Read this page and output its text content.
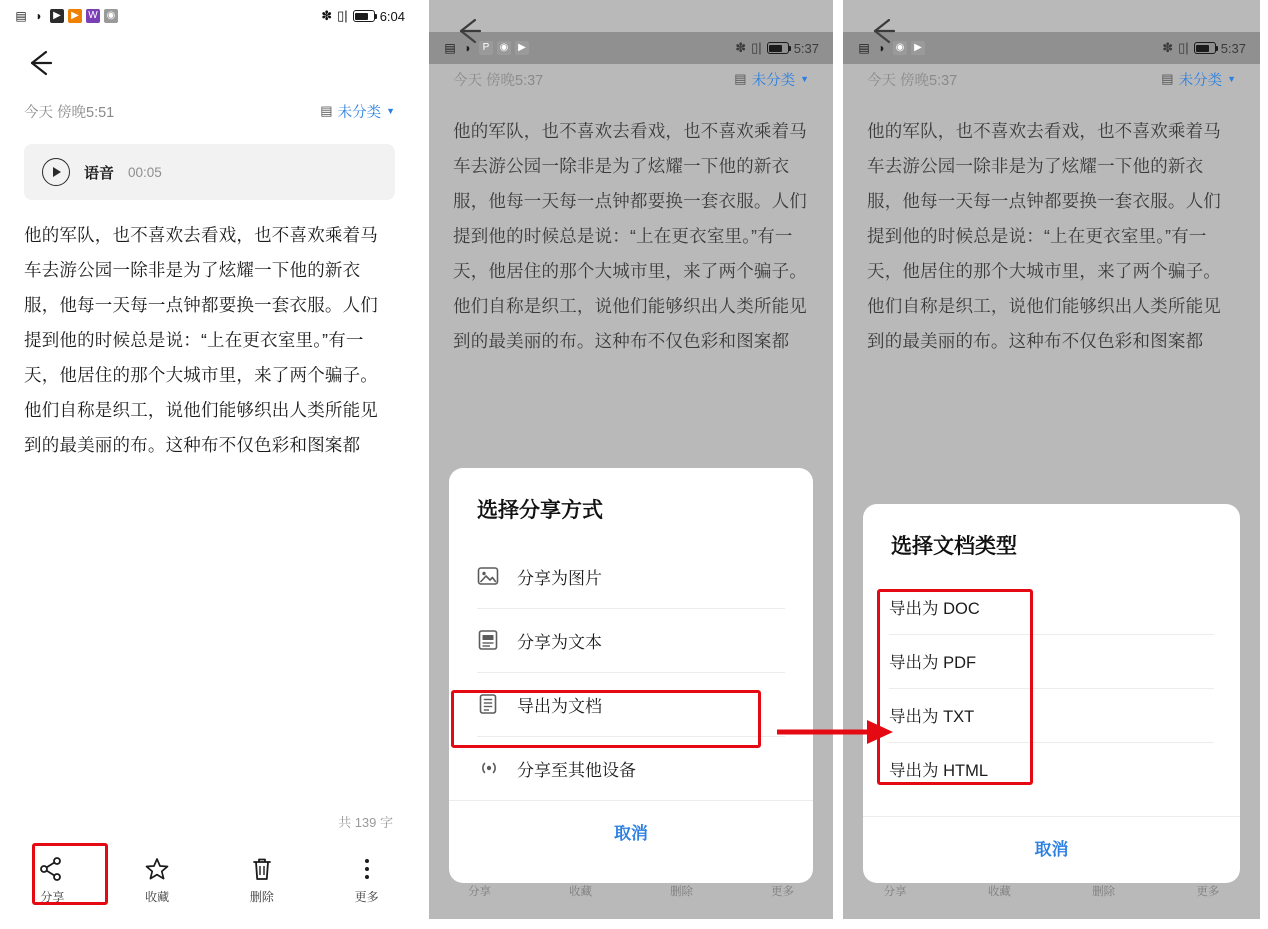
▤ ◗	▶	▶ W ◉	✽ ▯| 6:04
今天 傍晚5:51	▤ 未分类 ▼
语音 00:05
他的军队，也不喜欢去看戏，也不喜欢乘着马车去游公园一除非是为了炫耀一下他的新衣服，他每一天每一点钟都要换一套衣服。人们提到他的时候总是说：“上在更衣室里。”有一天，他居住的那个大城市里，来了两个骗子。他们自称是织工，说他们能够织出人类所能见到的最美丽的布。这种布不仅色彩和图案都
共 139 字
分享	收藏	删除	更多
▤ ◗	P	◉ ▶	✽ ▯| 5:37
今天 傍晚5:37	▤ 未分类 ▼
他的军队，也不喜欢去看戏，也不喜欢乘着马车去游公园一除非是为了炫耀一下他的新衣服，他每一天每一点钟都要换一套衣服。人们提到他的时候总是说：“上在更衣室里。”有一天，他居住的那个大城市里，来了两个骗子。他们自称是织工，说他们能够织出人类所能见到的最美丽的布。这种布不仅色彩和图案都
分享	收藏	删除	更多
选择分享方式
分享为图片
分享为文本
导出为文档
分享至其他设备
取消
▤ ◗	◉ ▶	✽ ▯| 5:37
今天 傍晚5:37	▤ 未分类 ▼
他的军队，也不喜欢去看戏，也不喜欢乘着马车去游公园一除非是为了炫耀一下他的新衣服，他每一天每一点钟都要换一套衣服。人们提到他的时候总是说：“上在更衣室里。”有一天，他居住的那个大城市里，来了两个骗子。他们自称是织工，说他们能够织出人类所能见到的最美丽的布。这种布不仅色彩和图案都
分享	收藏	删除	更多
选择文档类型
导出为 DOC
导出为 PDF
导出为 TXT
导出为 HTML
取消
